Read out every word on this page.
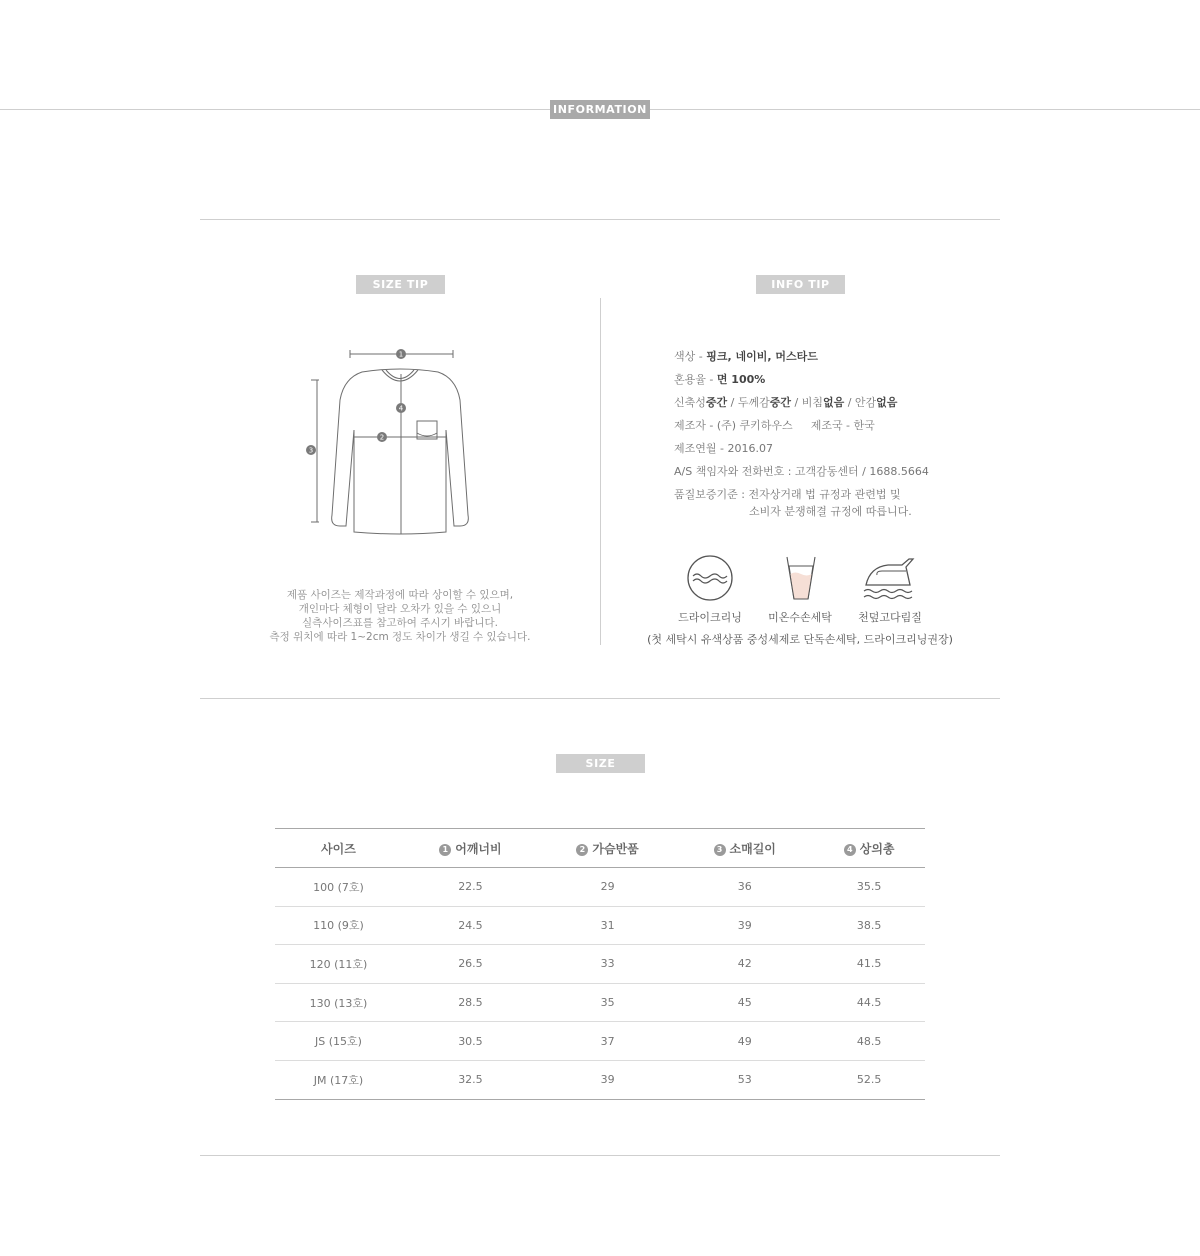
INFORMATION
SIZE TIP
1
2
3
4
제품 사이즈는 제작과정에 따라 상이할 수 있으며,
개인마다 체형이 달라 오차가 있을 수 있으니
실측사이즈표를 참고하여 주시기 바랍니다.
측정 위치에 따라 1~2cm 정도 차이가 생길 수 있습니다.
INFO TIP
색상 - 핑크, 네이비, 머스타드
혼용율 - 면 100%
신축성중간 / 두께감중간 / 비침없음 / 안감없음
제조자 - (주) 쿠키하우스 제조국 - 한국
제조연월 - 2016.07
A/S 책임자와 전화번호 : 고객감동센터 / 1688.5664
품질보증기준 : 전자상거래 법 규정과 관련법 및
소비자 분쟁해결 규정에 따릅니다.
드라이크리닝	미온수손세탁	천덮고다림질
(첫 세탁시 유색상품 중성세제로 단독손세탁, 드라이크리닝권장)
SIZE
사이즈	1 어깨너비	2 가슴반품	3 소매길이	4 상의총
100 (7호)	22.5	29	36	35.5
110 (9호)	24.5	31	39	38.5
120 (11호)	26.5	33	42	41.5
130 (13호)	28.5	35	45	44.5
JS (15호)	30.5	37	49	48.5
JM (17호)	32.5	39	53	52.5
